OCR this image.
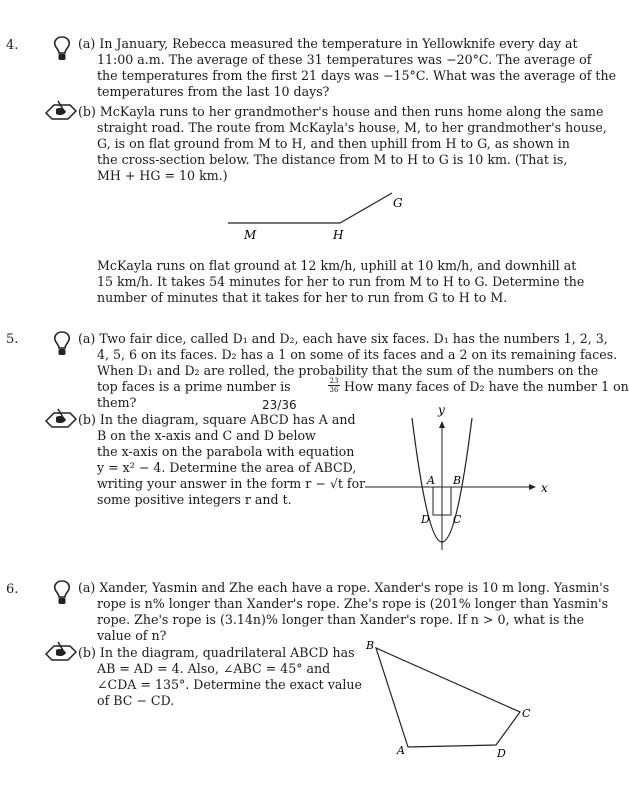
4.	(a) In January, Rebecca measured the temperature in Yellowknife every day at
11:00 a.m. The average of these 31 temperatures was −20°C. The average of
the temperatures from the first 21 days was −15°C. What was the average of the
temperatures from the last 10 days?
(b) McKayla runs to her grandmother's house and then runs home along the same
straight road. The route from McKayla's house, M, to her grandmother's house,
G, is on flat ground from M to H, and then uphill from H to G, as shown in
the cross-section below. The distance from M to H to G is 10 km. (That is,
MH + HG = 10 km.)
M	H
G
McKayla runs on flat ground at 12 km/h, uphill at 10 km/h, and downhill at
15 km/h. It takes 54 minutes for her to run from M to H to G. Determine the
number of minutes that it takes for her to run from G to H to M.
5.	(a) Two fair dice, called D₁ and D₂, each have six faces. D₁ has the numbers 1, 2, 3,
4, 5, 6 on its faces. D₂ has a 1 on some of its faces and a 2 on its remaining faces.
When D₁ and D₂ are rolled, the probability that the sum of the numbers on the
top faces is a prime number is	23
36 How many faces of D₂ have the number 1 on
them?	23/36
(b) In the diagram, square ABCD has A and
B on the x-axis and C and D below
the x-axis on the parabola with equation
y = x² − 4. Determine the area of ABCD,
writing your answer in the form r − √t for
some positive integers r and t.
y
x
A B
C
D
6.	(a) Xander, Yasmin and Zhe each have a rope. Xander's rope is 10 m long. Yasmin's
rope is n% longer than Xander's rope. Zhe's rope is (201% longer than Yasmin's
rope. Zhe's rope is (3.14n)% longer than Xander's rope. If n > 0, what is the
value of n?
(b) In the diagram, quadrilateral ABCD has
AB = AD = 4. Also, ∠ABC = 45° and
∠CDA = 135°. Determine the exact value
of BC − CD.
B
A
C
D
